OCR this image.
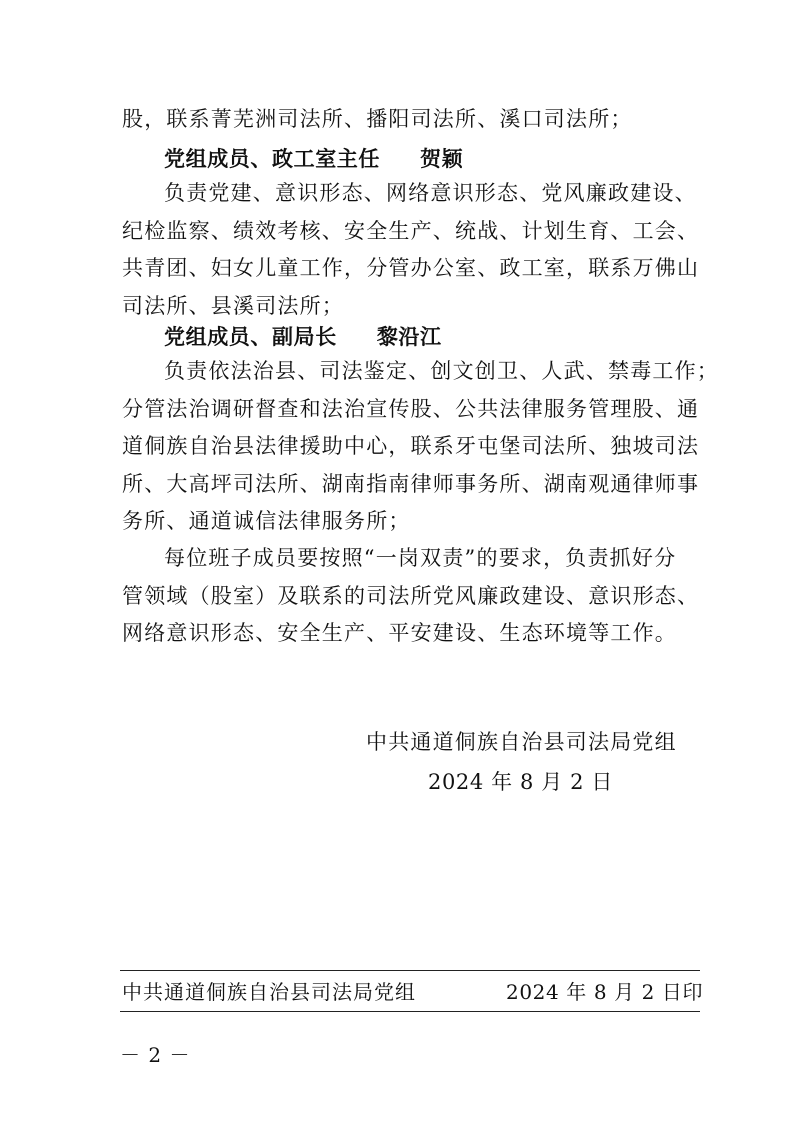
股，联系菁芜洲司法所、播阳司法所、溪口司法所；
党组成员、政工室主任 贺颖
负责党建、意识形态、网络意识形态、党风廉政建设、
纪检监察、绩效考核、安全生产、统战、计划生育、工会、
共青团、妇女儿童工作，分管办公室、政工室，联系万佛山
司法所、县溪司法所；
党组成员、副局长 黎沿江
负责依法治县、司法鉴定、创文创卫、人武、禁毒工作；
分管法治调研督查和法治宣传股、公共法律服务管理股、通
道侗族自治县法律援助中心，联系牙屯堡司法所、独坡司法
所、大高坪司法所、湖南指南律师事务所、湖南观通律师事
务所、通道诚信法律服务所；
每位班子成员要按照“一岗双责”的要求，负责抓好分
管领域（股室）及联系的司法所党风廉政建设、意识形态、
网络意识形态、安全生产、平安建设、生态环境等工作。
中共通道侗族自治县司法局党组
2024 年 8 月 2 日
中共通道侗族自治县司法局党组	2024 年 8 月 2 日印
－ 2 －
